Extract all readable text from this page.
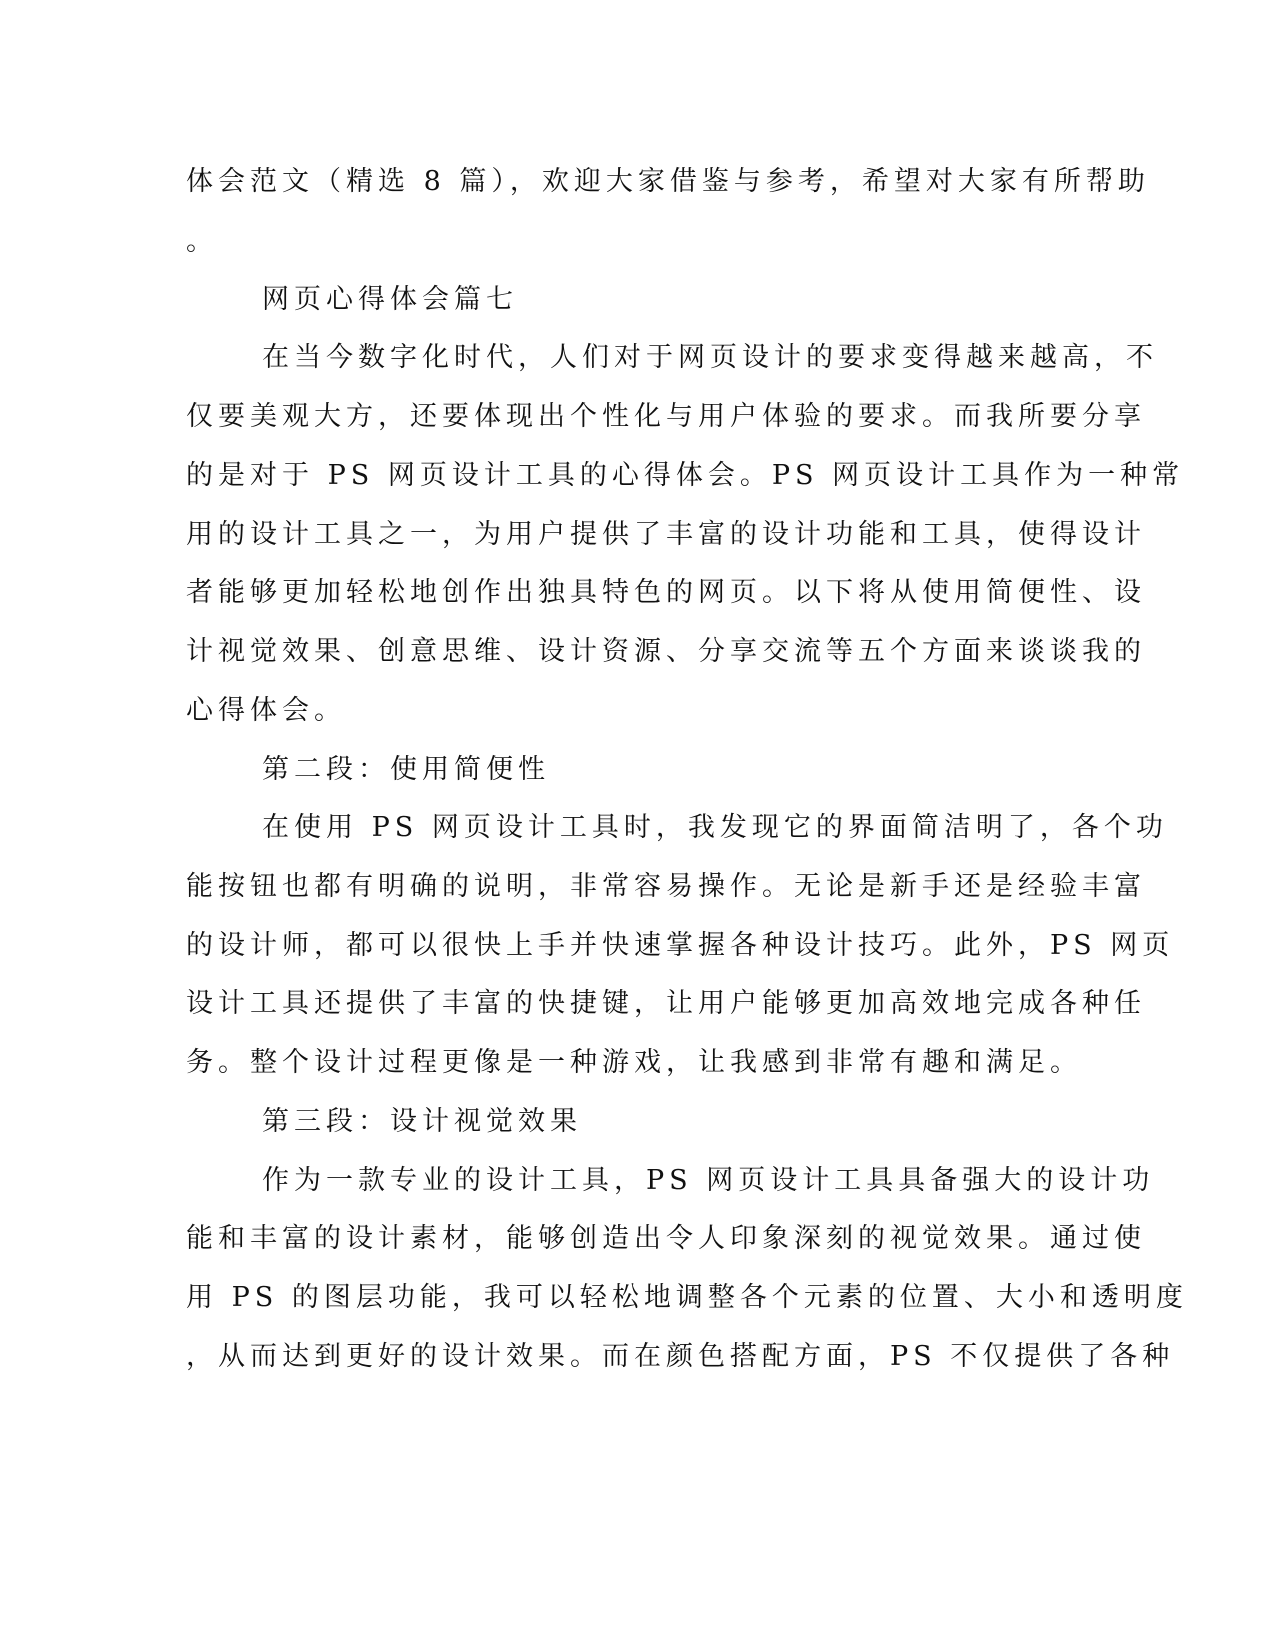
体会范文（精选 8 篇），欢迎大家借鉴与参考，希望对大家有所帮助

。

网页心得体会篇七

在当今数字化时代，人们对于网页设计的要求变得越来越高，不

仅要美观大方，还要体现出个性化与用户体验的要求。而我所要分享

的是对于 PS 网页设计工具的心得体会。PS 网页设计工具作为一种常

用的设计工具之一，为用户提供了丰富的设计功能和工具，使得设计

者能够更加轻松地创作出独具特色的网页。以下将从使用简便性、设

计视觉效果、创意思维、设计资源、分享交流等五个方面来谈谈我的

心得体会。

第二段：使用简便性

在使用 PS 网页设计工具时，我发现它的界面简洁明了，各个功

能按钮也都有明确的说明，非常容易操作。无论是新手还是经验丰富

的设计师，都可以很快上手并快速掌握各种设计技巧。此外，PS 网页

设计工具还提供了丰富的快捷键，让用户能够更加高效地完成各种任

务。整个设计过程更像是一种游戏，让我感到非常有趣和满足。

第三段：设计视觉效果

作为一款专业的设计工具，PS 网页设计工具具备强大的设计功

能和丰富的设计素材，能够创造出令人印象深刻的视觉效果。通过使

用 PS 的图层功能，我可以轻松地调整各个元素的位置、大小和透明度

，从而达到更好的设计效果。而在颜色搭配方面，PS 不仅提供了各种
